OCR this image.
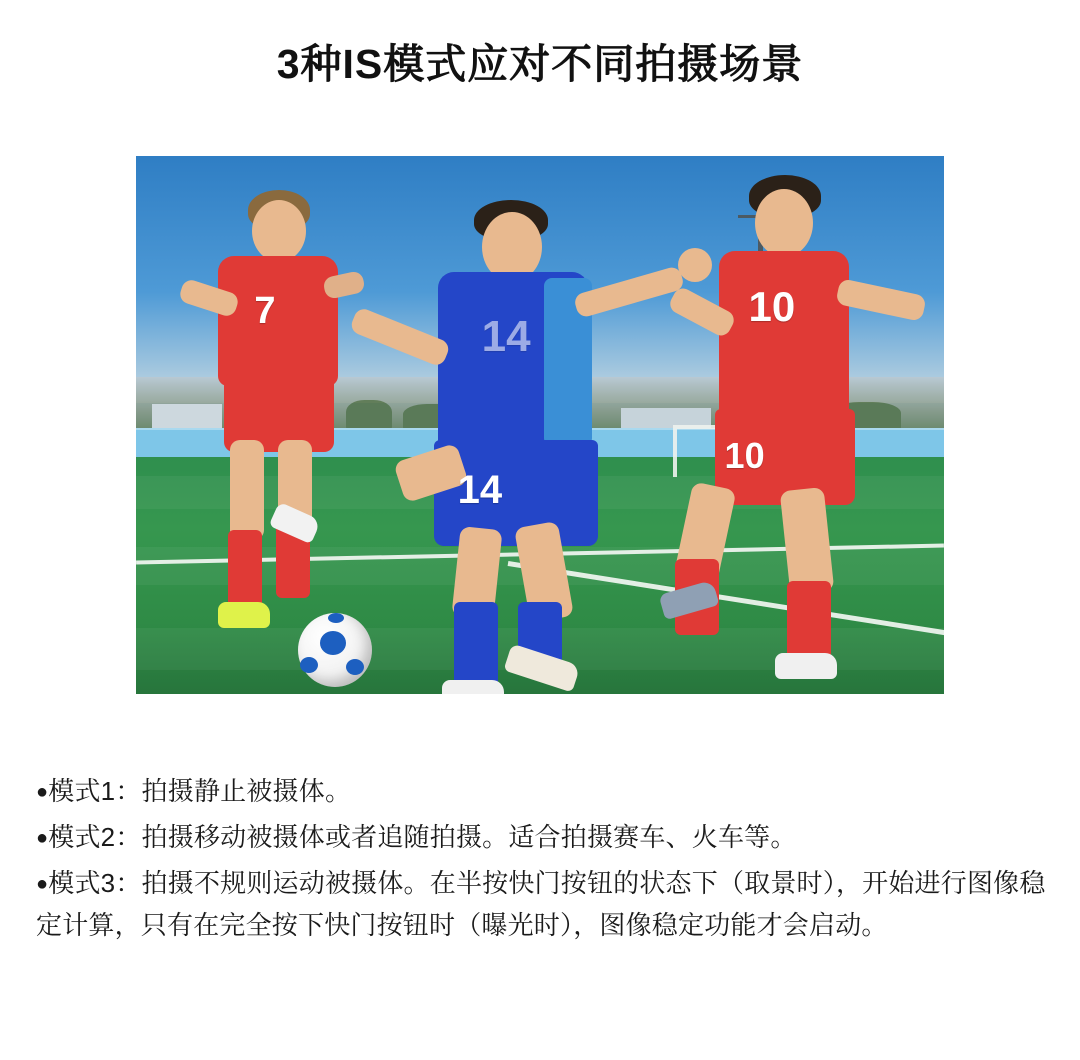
3种IS模式应对不同拍摄场景
7
14
14
10
10

●模式1：拍摄静止被摄体。

●模式2：拍摄移动被摄体或者追随拍摄。适合拍摄赛车、火车等。

●模式3：拍摄不规则运动被摄体。在半按快门按钮的状态下（取景时），开始进行图像稳定计算，只有在完全按下快门按钮时（曝光时），图像稳定功能才会启动。
